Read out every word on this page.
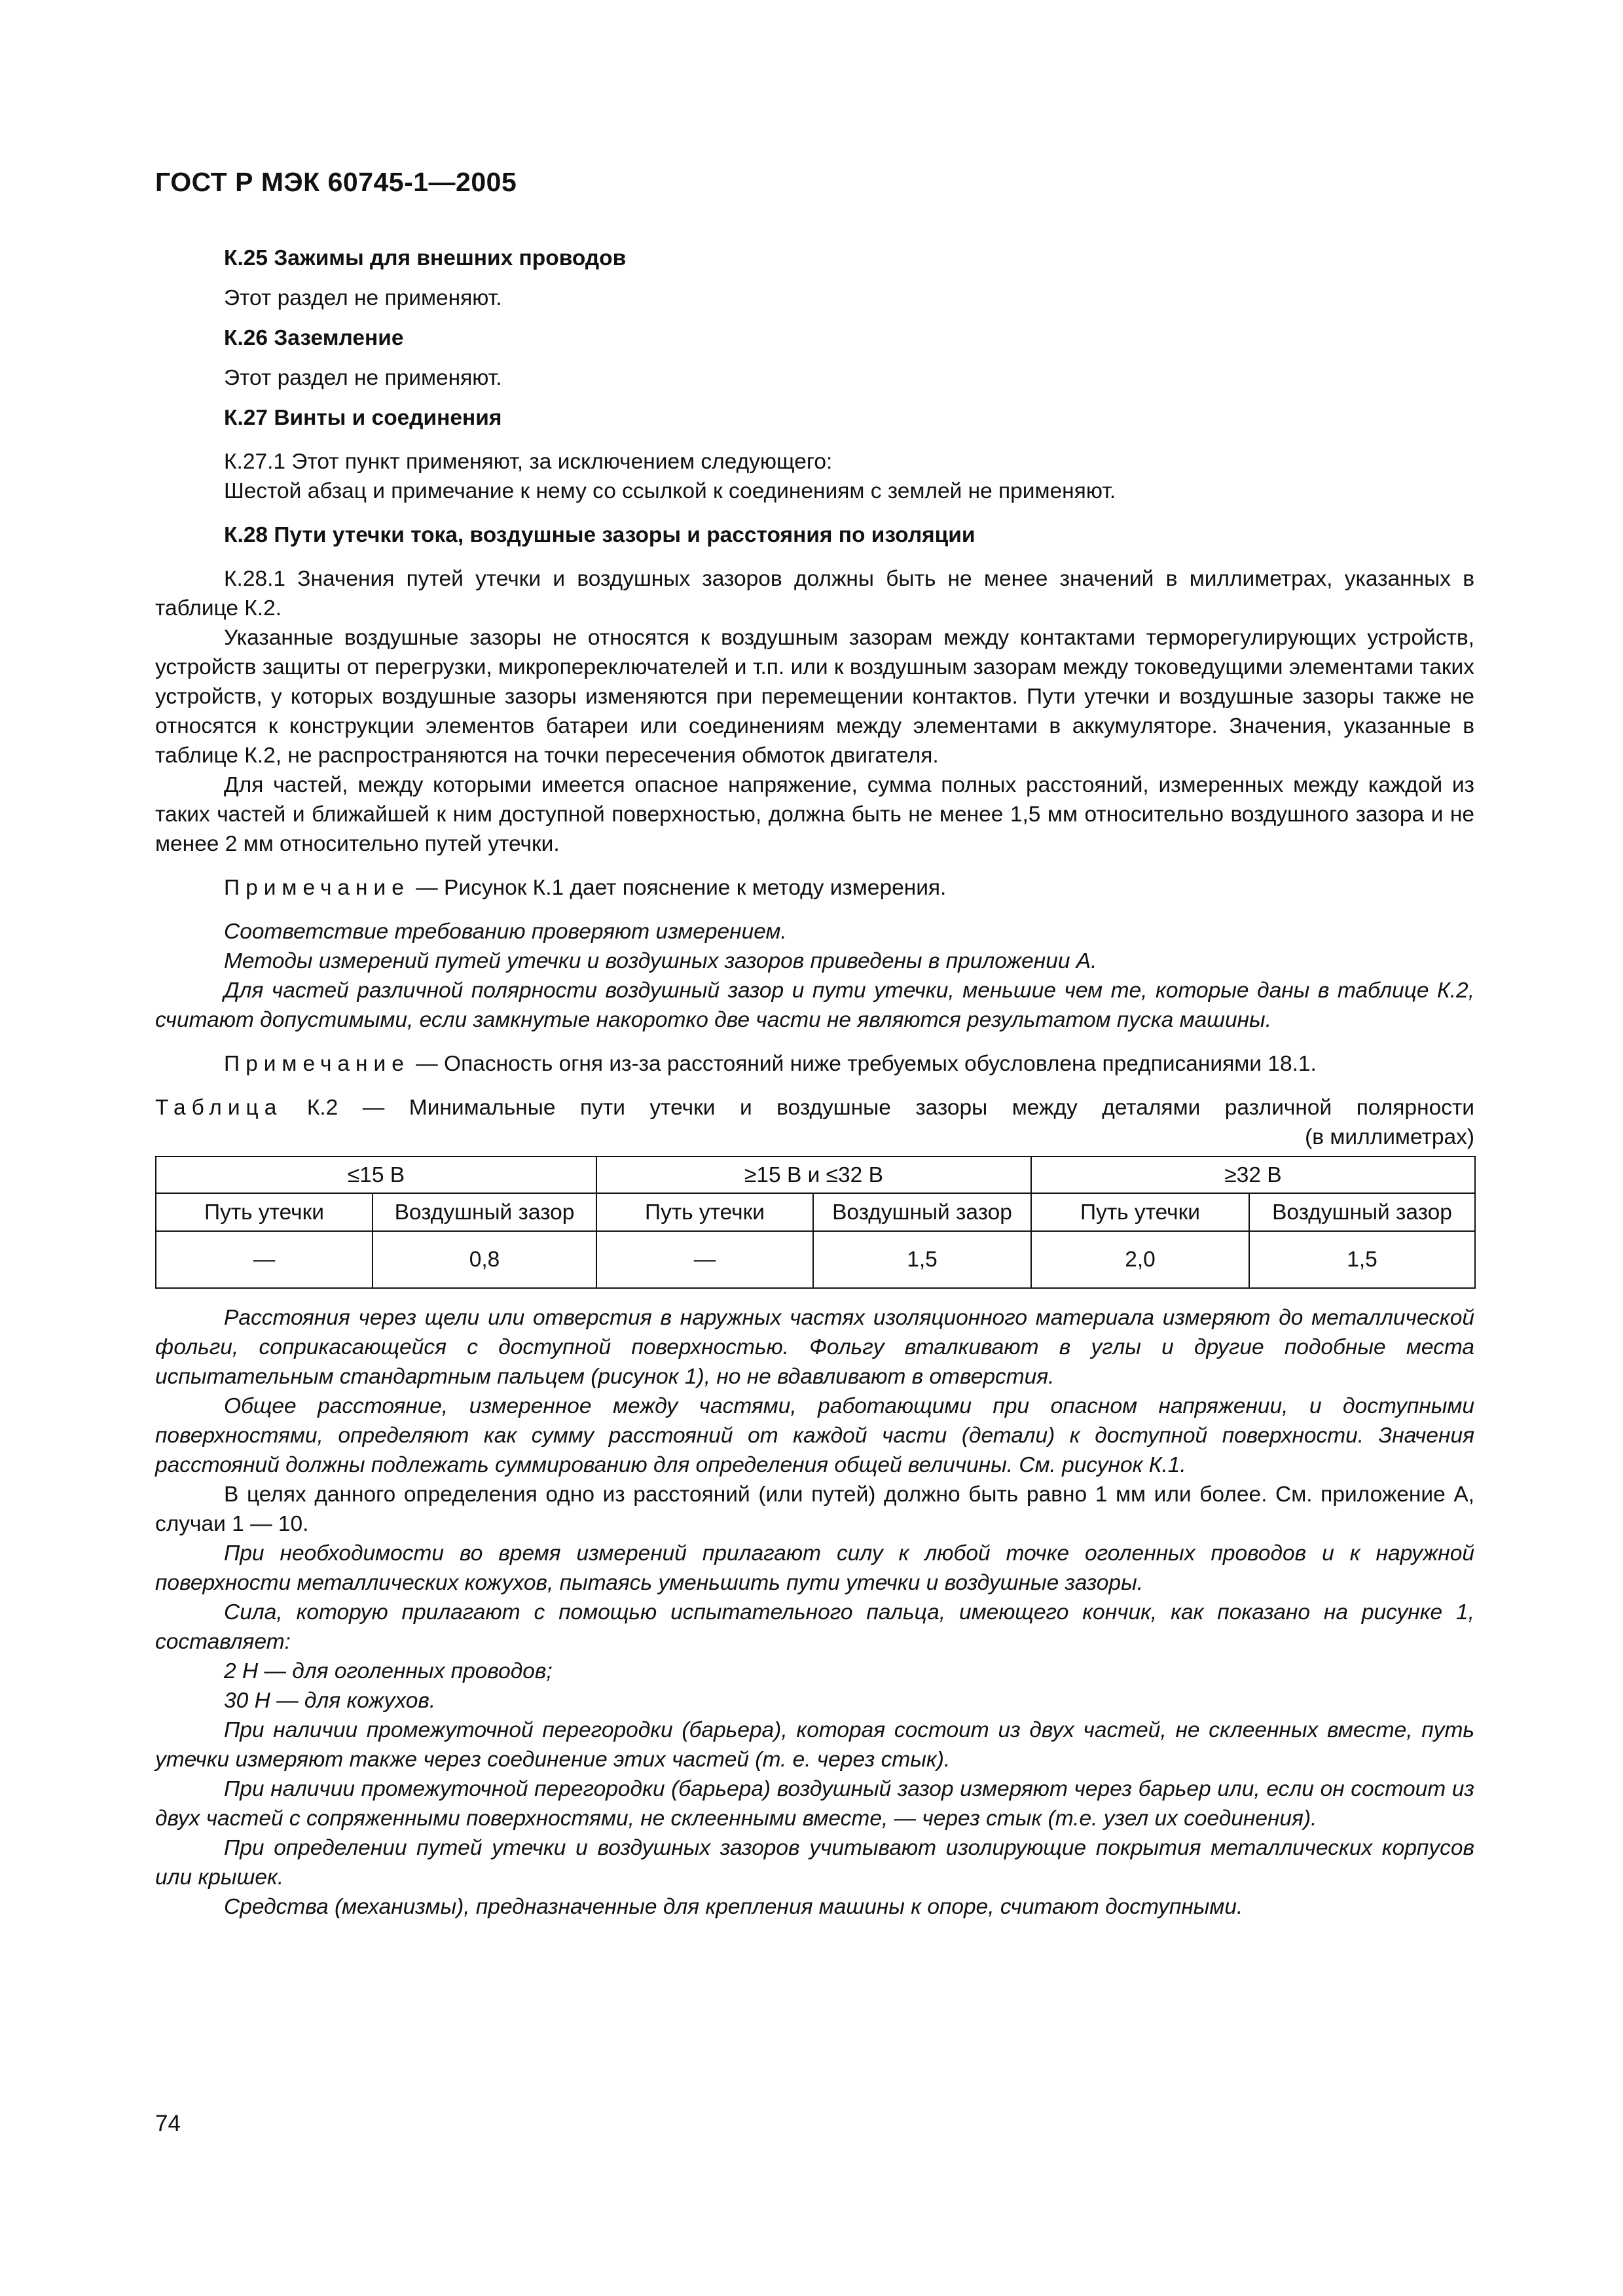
ГОСТ Р МЭК 60745-1—2005

К.25 Зажимы для внешних проводов

Этот раздел не применяют.

К.26 Заземление

Этот раздел не применяют.

К.27 Винты и соединения

К.27.1 Этот пункт применяют, за исключением следующего:

Шестой абзац и примечание к нему со ссылкой к соединениям с землей не применяют.

К.28 Пути утечки тока, воздушные зазоры и расстояния по изоляции

К.28.1 Значения путей утечки и воздушных зазоров должны быть не менее значений в миллиметрах, указанных в таблице К.2.

Указанные воздушные зазоры не относятся к воздушным зазорам между контактами терморегулирующих устройств, устройств защиты от перегрузки, микропереключателей и т.п. или к воздушным зазорам между токоведущими элементами таких устройств, у которых воздушные зазоры изменяются при перемещении контактов. Пути утечки и воздушные зазоры также не относятся к конструкции элементов батареи или соединениям между элементами в аккумуляторе. Значения, указанные в таблице К.2, не распространяются на точки пересечения обмоток двигателя.

Для частей, между которыми имеется опасное напряжение, сумма полных расстояний, измеренных между каждой из таких частей и ближайшей к ним доступной поверхностью, должна быть не менее 1,5 мм относительно воздушного зазора и не менее 2 мм относительно путей утечки.

Примечание — Рисунок К.1 дает пояснение к методу измерения.

Соответствие требованию проверяют измерением.

Методы измерений путей утечки и воздушных зазоров приведены в приложении А.

Для частей различной полярности воздушный зазор и пути утечки, меньшие чем те, которые даны в таблице К.2, считают допустимыми, если замкнутые накоротко две части не являются результатом пуска машины.

Примечание — Опасность огня из-за расстояний ниже требуемых обусловлена предписаниями 18.1.

Таблица К.2 — Минимальные пути утечки и воздушные зазоры между деталями различной полярности

(в миллиметрах)

≤15 В		≥15 В и ≤32 В		≥32 В	
Путь утечки	Воздушный зазор	Путь утечки	Воздушный зазор	Путь утечки	Воздушный зазор
—	0,8	—	1,5	2,0	1,5

Расстояния через щели или отверстия в наружных частях изоляционного материала измеряют до металлической фольги, соприкасающейся с доступной поверхностью. Фольгу вталкивают в углы и другие подобные места испытательным стандартным пальцем (рисунок 1), но не вдавливают в отверстия.

Общее расстояние, измеренное между частями, работающими при опасном напряжении, и доступными поверхностями, определяют как сумму расстояний от каждой части (детали) к доступной поверхности. Значения расстояний должны подлежать суммированию для определения общей величины. См. рисунок К.1.

В целях данного определения одно из расстояний (или путей) должно быть равно 1 мм или более. См. приложение А, случаи 1 — 10.

При необходимости во время измерений прилагают силу к любой точке оголенных проводов и к наружной поверхности металлических кожухов, пытаясь уменьшить пути утечки и воздушные зазоры.

Сила, которую прилагают с помощью испытательного пальца, имеющего кончик, как показано на рисунке 1, составляет:

2 Н — для оголенных проводов;

30 Н — для кожухов.

При наличии промежуточной перегородки (барьера), которая состоит из двух частей, не склеенных вместе, путь утечки измеряют также через соединение этих частей (т. е. через стык).

При наличии промежуточной перегородки (барьера) воздушный зазор измеряют через барьер или, если он состоит из двух частей с сопряженными поверхностями, не склеенными вместе, — через стык (т.е. узел их соединения).

При определении путей утечки и воздушных зазоров учитывают изолирующие покрытия металлических корпусов или крышек.

Средства (механизмы), предназначенные для крепления машины к опоре, считают доступными.

74
